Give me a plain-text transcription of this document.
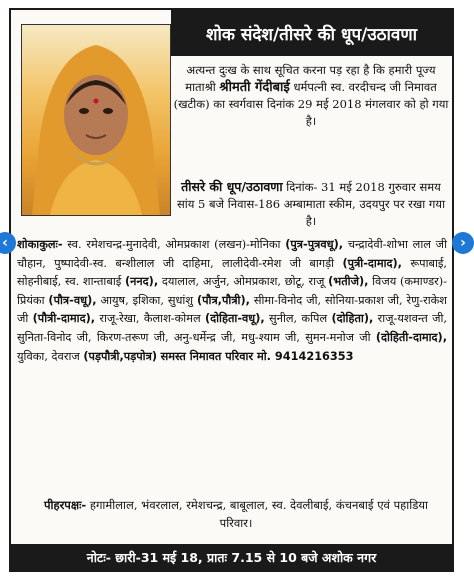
शोक संदेश/तीसरे की धूप/उठावणा
अत्यन्त दुःख के साथ सूचित करना पड़ रहा है कि हमारी पूज्य माताश्री श्रीमती गेंदीबाई धर्मपत्नी स्व. वरदीचन्द जी निमावत (खटीक) का स्वर्गवास दिनांक 29 मई 2018 मंगलवार को हो गया है।
तीसरे की धूप/उठावणा दिनांक- 31 मई 2018 गुरुवार समय सांय 5 बजे निवास-186 अम्बामाता स्कीम, उदयपुर पर रखा गया है।
शोकाकुलः- स्व. रमेशचन्द्र-मुनादेवी, ओमप्रकाश (लखन)-मोनिका (पुत्र-पुत्रवधू), चन्द्रादेवी-शोभा लाल जी चौहान, पुष्पादेवी-स्व. बन्शीलाल जी दाहिमा, लालीदेवी-रमेश जी बागड़ी (पुत्री-दामाद), रूपाबाई, सोहनीबाई, स्व. शान्ताबाई (ननद), दयालाल, अर्जुन, ओमप्रकाश, छोटू, राजू (भतीजे), विजय (कमाण्डर)-प्रियंका (पौत्र-वधू), आयुष, इशिका, सुधांशु (पौत्र,पौत्री), सीमा-विनोद जी, सोनिया-प्रकाश जी, रेणु-राकेश जी (पौत्री-दामाद), राजू-रेखा, कैलाश-कोमल (दोहिता-वधू), सुनील, कपिल (दोहिता), राजू-यशवन्त जी, सुनिता-विनोद जी, किरण-तरूण जी, अनु-धर्मेन्द्र जी, मधु-श्याम जी, सुमन-मनोज जी (दोहिती-दामाद), युविका, देवराज (पड़पौत्री,पड़पोत्र) समस्त निमावत परिवार मो. 9414216353
पीहरपक्षः- हगामीलाल, भंवरलाल, रमेशचन्द्र, बाबूलाल, स्व. देवलीबाई, कंचनबाई एवं पहाडिया परिवार।
नोटः- छारी-31 मई 18, प्रातः 7.15 से 10 बजे अशोक नगर
‹	›
